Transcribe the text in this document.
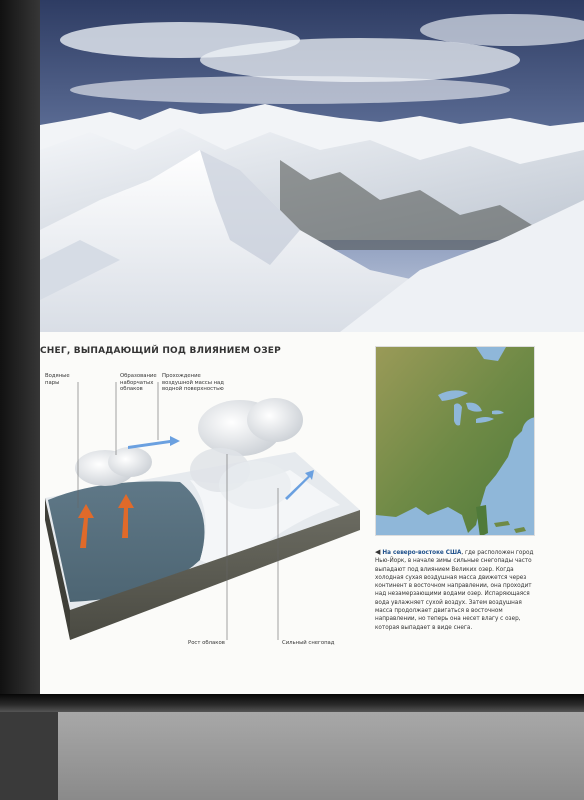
СНЕГ, ВЫПАДАЮЩИЙ ПОД ВЛИЯНИЕМ ОЗЕР
Водяные пары
Образование наборчатых облаков
Прохождение воздушной массы над водной поверхностью
Рост облаков	Сильный снегопад
◀ На северо-востоке США, где расположен город Нью-Йорк, в начале зимы сильные снегопады часто выпадают под влиянием Великих озер. Когда холодная сухая воздушная масса движется через континент в восточном направлении, она проходит над незамерзающими водами озер. Испаряющаяся вода увлажняет сухой воздух. Затем воздушная масса продолжает двигаться в восточном направлении, но теперь она несет влагу с озер, которая выпадает в виде снега.
